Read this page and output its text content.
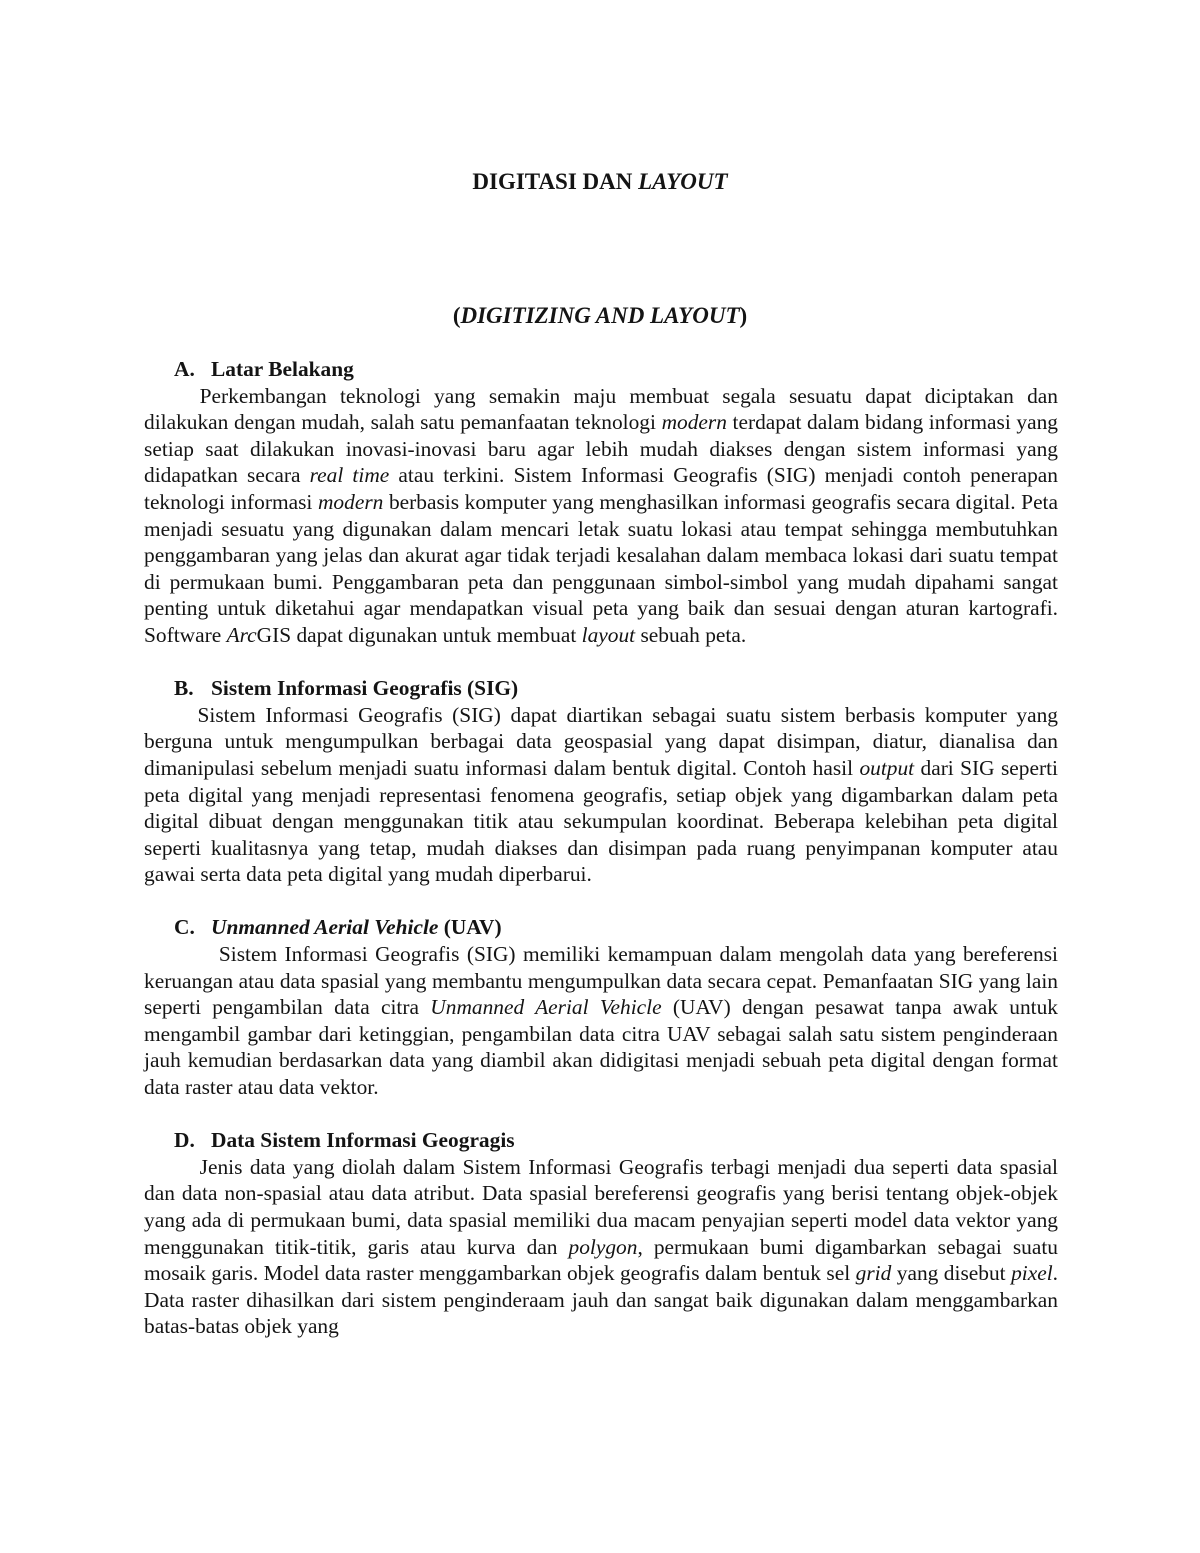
DIGITASI DAN LAYOUT
(DIGITIZING AND LAYOUT)

A. Latar Belakang

Perkembangan teknologi yang semakin maju membuat segala sesuatu dapat diciptakan dan dilakukan dengan mudah, salah satu pemanfaatan teknologi modern terdapat dalam bidang informasi yang setiap saat dilakukan inovasi-inovasi baru agar lebih mudah diakses dengan sistem informasi yang didapatkan secara real time atau terkini. Sistem Informasi Geografis (SIG) menjadi contoh penerapan teknologi informasi modern berbasis komputer yang menghasilkan informasi geografis secara digital. Peta menjadi sesuatu yang digunakan dalam mencari letak suatu lokasi atau tempat sehingga membutuhkan penggambaran yang jelas dan akurat agar tidak terjadi kesalahan dalam membaca lokasi dari suatu tempat di permukaan bumi. Penggambaran peta dan penggunaan simbol-simbol yang mudah dipahami sangat penting untuk diketahui agar mendapatkan visual peta yang baik dan sesuai dengan aturan kartografi. Software ArcGIS dapat digunakan untuk membuat layout sebuah peta.

B. Sistem Informasi Geografis (SIG)

Sistem Informasi Geografis (SIG) dapat diartikan sebagai suatu sistem berbasis komputer yang berguna untuk mengumpulkan berbagai data geospasial yang dapat disimpan, diatur, dianalisa dan dimanipulasi sebelum menjadi suatu informasi dalam bentuk digital. Contoh hasil output dari SIG seperti peta digital yang menjadi representasi fenomena geografis, setiap objek yang digambarkan dalam peta digital dibuat dengan menggunakan titik atau sekumpulan koordinat. Beberapa kelebihan peta digital seperti kualitasnya yang tetap, mudah diakses dan disimpan pada ruang penyimpanan komputer atau gawai serta data peta digital yang mudah diperbarui.

C. Unmanned Aerial Vehicle (UAV)

Sistem Informasi Geografis (SIG) memiliki kemampuan dalam mengolah data yang bereferensi keruangan atau data spasial yang membantu mengumpulkan data secara cepat. Pemanfaatan SIG yang lain seperti pengambilan data citra Unmanned Aerial Vehicle (UAV) dengan pesawat tanpa awak untuk mengambil gambar dari ketinggian, pengambilan data citra UAV sebagai salah satu sistem penginderaan jauh kemudian berdasarkan data yang diambil akan didigitasi menjadi sebuah peta digital dengan format data raster atau data vektor.

D. Data Sistem Informasi Geogragis

Jenis data yang diolah dalam Sistem Informasi Geografis terbagi menjadi dua seperti data spasial dan data non-spasial atau data atribut. Data spasial bereferensi geografis yang berisi tentang objek-objek yang ada di permukaan bumi, data spasial memiliki dua macam penyajian seperti model data vektor yang menggunakan titik-titik, garis atau kurva dan polygon, permukaan bumi digambarkan sebagai suatu mosaik garis. Model data raster menggambarkan objek geografis dalam bentuk sel grid yang disebut pixel. Data raster dihasilkan dari sistem penginderaam jauh dan sangat baik digunakan dalam menggambarkan batas-batas objek yang
